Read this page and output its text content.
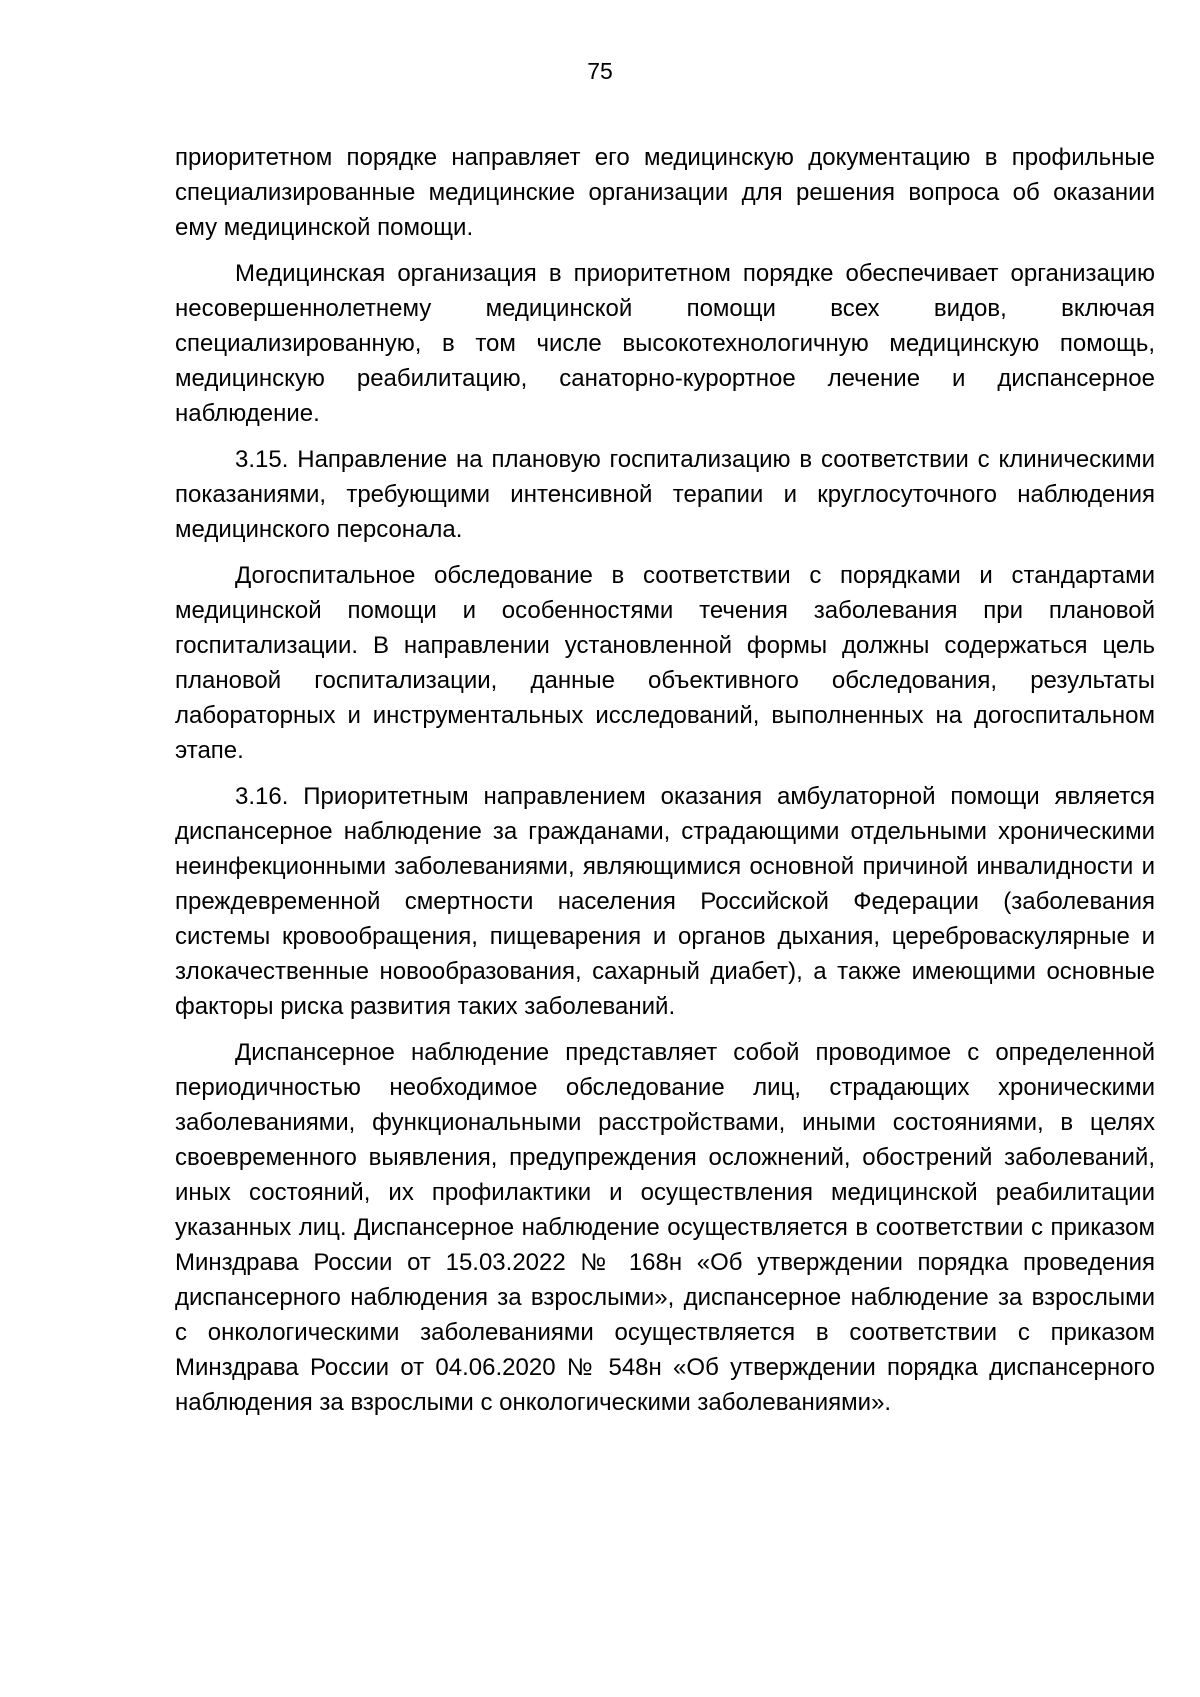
75

приоритетном порядке направляет его медицинскую документацию в профильные специализированные медицинские организации для решения вопроса об оказании ему медицинской помощи.

Медицинская организация в приоритетном порядке обеспечивает организацию несовершеннолетнему медицинской помощи всех видов, включая специализированную, в том числе высокотехнологичную медицинскую помощь, медицинскую реабилитацию, санаторно-курортное лечение и диспансерное наблюдение.

3.15. Направление на плановую госпитализацию в соответствии с клиническими показаниями, требующими интенсивной терапии и круглосуточного наблюдения медицинского персонала.

Догоспитальное обследование в соответствии с порядками и стандартами медицинской помощи и особенностями течения заболевания при плановой госпитализации. В направлении установленной формы должны содержаться цель плановой госпитализации, данные объективного обследования, результаты лабораторных и инструментальных исследований, выполненных на догоспитальном этапе.

3.16. Приоритетным направлением оказания амбулаторной помощи является диспансерное наблюдение за гражданами, страдающими отдельными хроническими неинфекционными заболеваниями, являющимися основной причиной инвалидности и преждевременной смертности населения Российской Федерации (заболевания системы кровообращения, пищеварения и органов дыхания, цереброваскулярные и злокачественные новообразования, сахарный диабет), а также имеющими основные факторы риска развития таких заболеваний.

Диспансерное наблюдение представляет собой проводимое с определенной периодичностью необходимое обследование лиц, страдающих хроническими заболеваниями, функциональными расстройствами, иными состояниями, в целях своевременного выявления, предупреждения осложнений, обострений заболеваний, иных состояний, их профилактики и осуществления медицинской реабилитации указанных лиц. Диспансерное наблюдение осуществляется в соответствии с приказом Минздрава России от 15.03.2022 № 168н «Об утверждении порядка проведения диспансерного наблюдения за взрослыми», диспансерное наблюдение за взрослыми с онкологическими заболеваниями осуществляется в соответствии с приказом Минздрава России от 04.06.2020 № 548н «Об утверждении порядка диспансерного наблюдения за взрослыми с онкологическими заболеваниями».
